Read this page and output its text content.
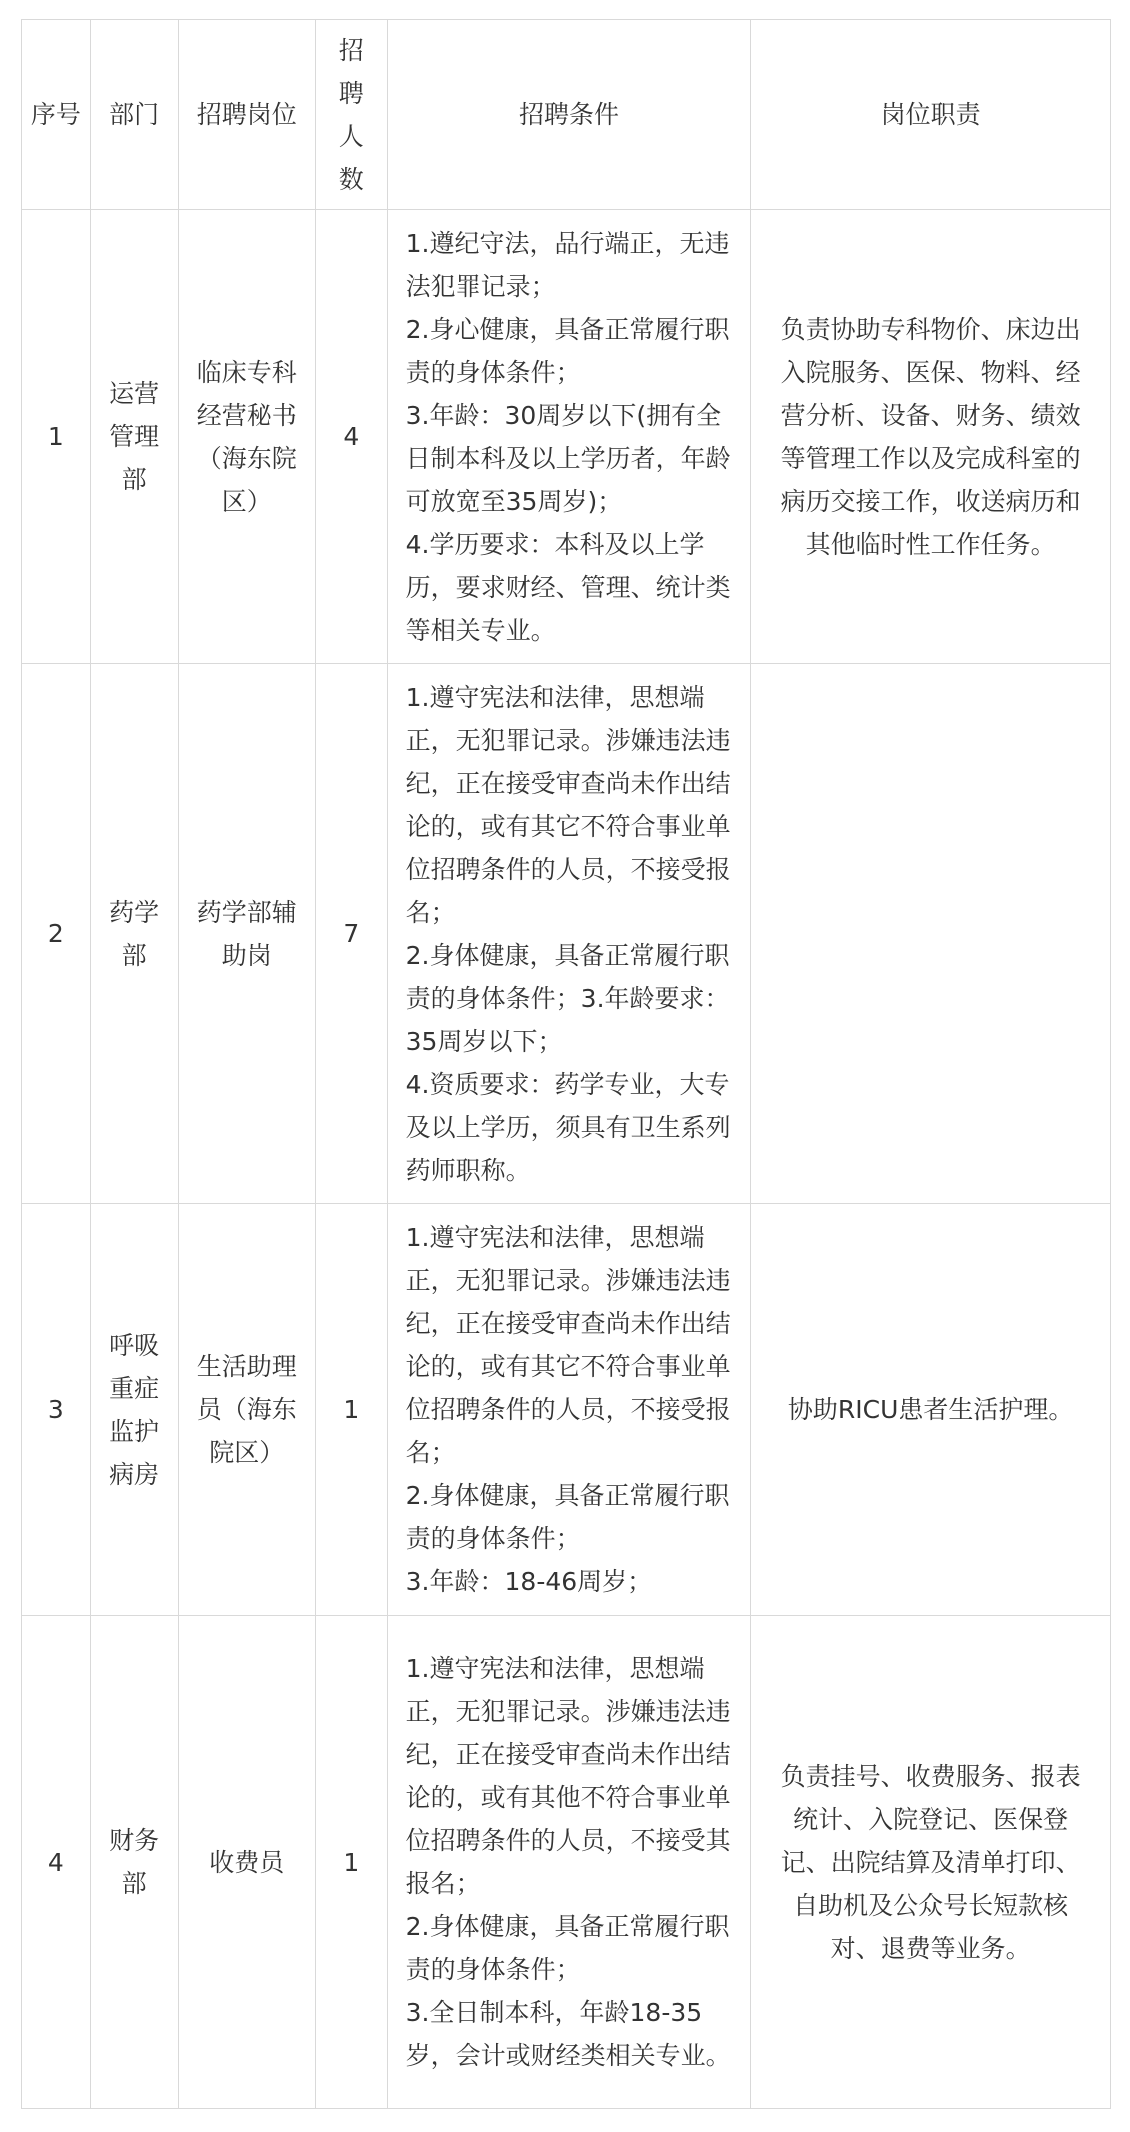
序号	部门	招聘岗位	招聘人数	招聘条件	岗位职责
1	运营管理部	临床专科经营秘书（海东院区）	4	1.遵纪守法，品行端正，无违法犯罪记录；
2.身心健康，具备正常履行职责的身体条件；
3.年龄：30周岁以下(拥有全日制本科及以上学历者，年龄可放宽至35周岁)；
4.学历要求：本科及以上学历，要求财经、管理、统计类等相关专业。	负责协助专科物价、床边出入院服务、医保、物料、经营分析、设备、财务、绩效等管理工作以及完成科室的病历交接工作，收送病历和其他临时性工作任务。
2	药学部	药学部辅助岗	7	1.遵守宪法和法律，思想端正，无犯罪记录。涉嫌违法违纪，正在接受审查尚未作出结论的，或有其它不符合事业单位招聘条件的人员，不接受报名；
2.身体健康，具备正常履行职责的身体条件；3.年龄要求：35周岁以下；
4.资质要求：药学专业，大专及以上学历，须具有卫生系列药师职称。	

3	呼吸重症监护病房	生活助理员（海东院区）	1	1.遵守宪法和法律，思想端正，无犯罪记录。涉嫌违法违纪，正在接受审查尚未作出结论的，或有其它不符合事业单位招聘条件的人员，不接受报名；
2.身体健康，具备正常履行职责的身体条件；
3.年龄：18-46周岁；	协助RICU患者生活护理。
4	财务部	收费员	1	1.遵守宪法和法律，思想端正，无犯罪记录。涉嫌违法违纪，正在接受审查尚未作出结论的，或有其他不符合事业单位招聘条件的人员，不接受其报名；
2.身体健康，具备正常履行职责的身体条件；
3.全日制本科，年龄18-35岁，会计或财经类相关专业。	负责挂号、收费服务、报表统计、入院登记、医保登记、出院结算及清单打印、自助机及公众号长短款核对、退费等业务。
